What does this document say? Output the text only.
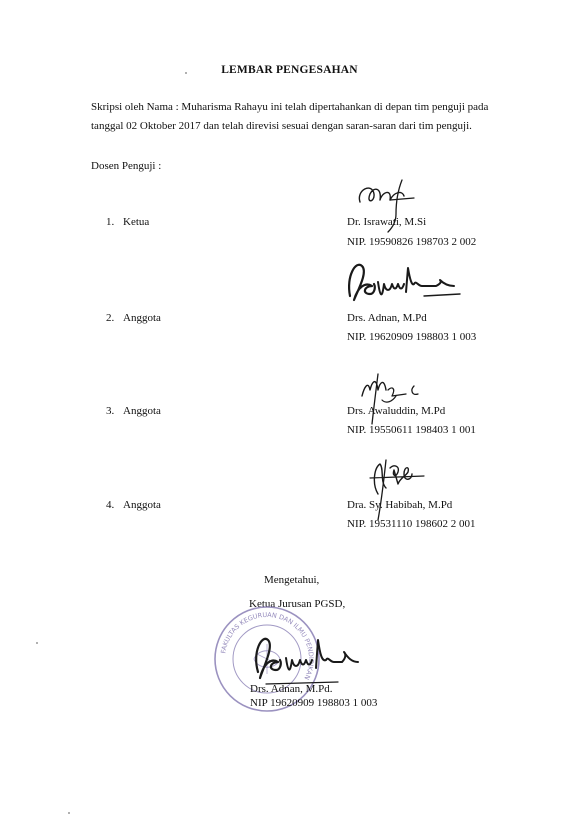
LEMBAR PENGESAHAN
Skripsi oleh Nama : Muharisma Rahayu ini telah dipertahankan di depan tim penguji pada
tanggal 02 Oktober 2017 dan telah direvisi sesuai dengan saran-saran dari tim penguji.
Dosen Penguji :
1. Ketua	Dr. Israwati, M.Si
NIP. 19590826 198703 2 002
2. Anggota	Drs. Adnan, M.Pd
NIP. 19620909 198803 1 003
3. Anggota	Drs. Awaluddin, M.Pd
NIP. 19550611 198403 1 001
4. Anggota	Dra. Sy. Habibah, M.Pd
NIP. 19531110 198602 2 001
Mengetahui,
Ketua Jurusan PGSD,
FAKULTAS KEGURUAN DAN ILMU PENDIDIKAN
Drs. Adnan, M.Pd.
NIP 19620909 198803 1 003
